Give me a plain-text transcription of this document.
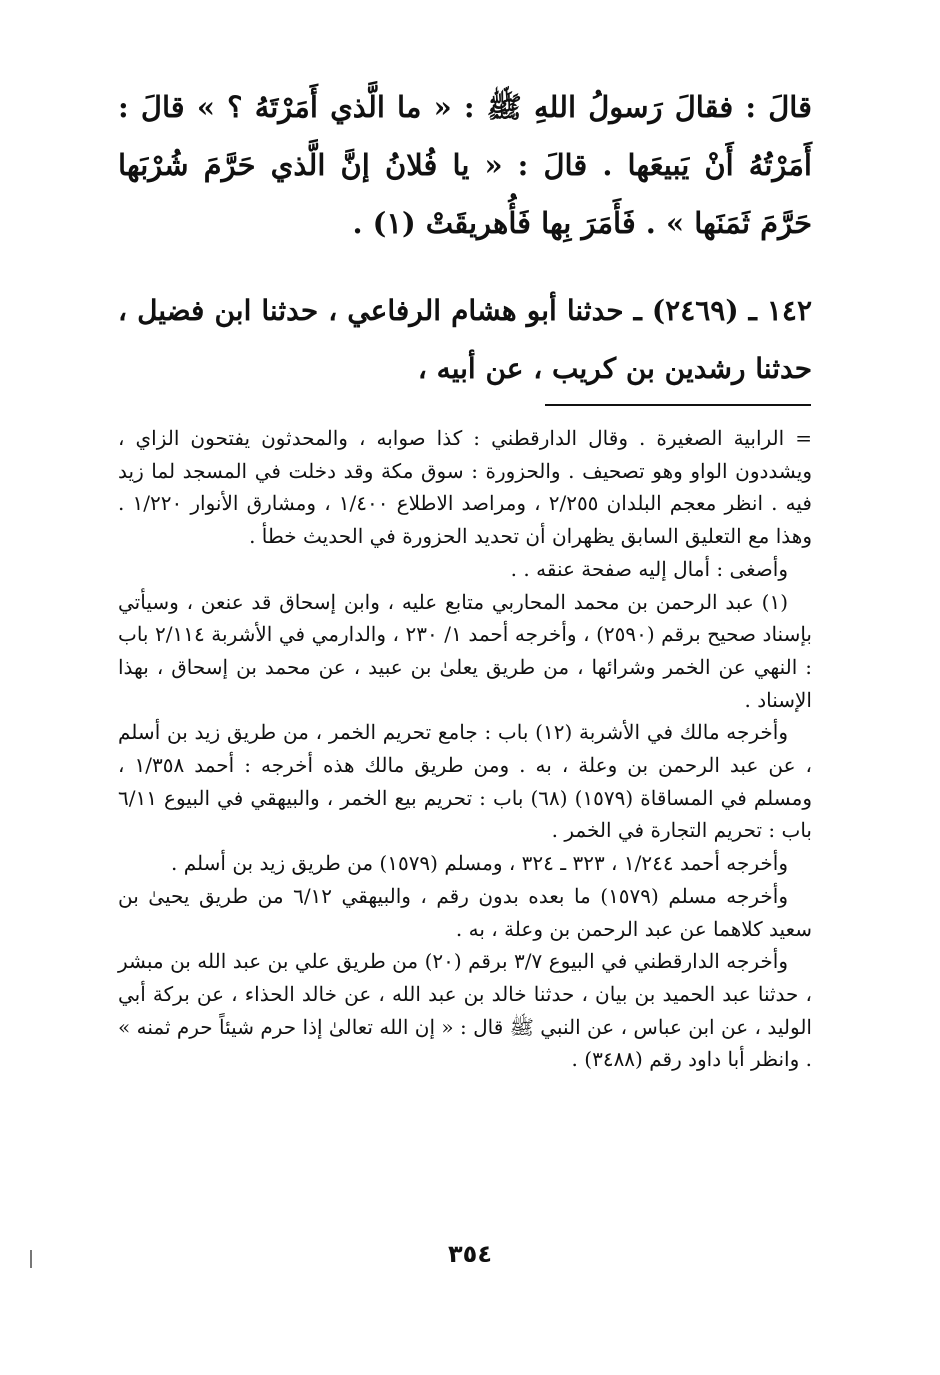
قالَ : فقالَ رَسولُ اللهِ ﷺ : « ما الَّذي أَمَرْتَهُ ؟ » قالَ : أَمَرْتُهُ أَنْ يَبيعَها . قالَ : « يا فُلانُ إنَّ الَّذي حَرَّمَ شُرْبَها حَرَّمَ ثَمَنَها » . فَأَمَرَ بِها فَأُهريقَتْ (١) .

١٤٢ ـ (٢٤٦٩) ـ حدثنا أبو هشام الرفاعي ، حدثنا ابن فضيل ، حدثنا رشدين بن كريب ، عن أبيه ،

= الرابية الصغيرة . وقال الدارقطني : كذا صوابه ، والمحدثون يفتحون الزاي ، ويشددون الواو وهو تصحيف . والحزورة : سوق مكة وقد دخلت في المسجد لما زيد فيه . انظر معجم البلدان ٢/٢٥٥ ، ومراصد الاطلاع ١/٤٠٠ ، ومشارق الأنوار ١/٢٢٠ . وهذا مع التعليق السابق يظهران أن تحديد الحزورة في الحديث خطأ .

وأصغى : أمال إليه صفحة عنقه . .

(١) عبد الرحمن بن محمد المحاربي متابع عليه ، وابن إسحاق قد عنعن ، وسيأتي بإسناد صحيح برقم (٢٥٩٠) ، وأخرجه أحمد ١/ ٢٣٠ ، والدارمي في الأشربة ٢/١١٤ باب : النهي عن الخمر وشرائها ، من طريق يعلىٰ بن عبيد ، عن محمد بن إسحاق ، بهذا الإسناد .

وأخرجه مالك في الأشربة (١٢) باب : جامع تحريم الخمر ، من طريق زيد بن أسلم ، عن عبد الرحمن بن وعلة ، به . ومن طريق مالك هذه أخرجه : أحمد ١/٣٥٨ ، ومسلم في المساقاة (١٥٧٩) (٦٨) باب : تحريم بيع الخمر ، والبيهقي في البيوع ٦/١١ باب : تحريم التجارة في الخمر .

وأخرجه أحمد ١/٢٤٤ ، ٣٢٣ ـ ٣٢٤ ، ومسلم (١٥٧٩) من طريق زيد بن أسلم .

وأخرجه مسلم (١٥٧٩) ما بعده بدون رقم ، والبيهقي ٦/١٢ من طريق يحيىٰ بن سعيد كلاهما عن عبد الرحمن بن وعلة ، به .

وأخرجه الدارقطني في البيوع ٣/٧ برقم (٢٠) من طريق علي بن عبد الله بن مبشر ، حدثنا عبد الحميد بن بيان ، حدثنا خالد بن عبد الله ، عن خالد الحذاء ، عن بركة أبي الوليد ، عن ابن عباس ، عن النبي ﷺ قال : « إن الله تعالىٰ إذا حرم شيئاً حرم ثمنه » . وانظر أبا داود رقم (٣٤٨٨) .

٣٥٤
